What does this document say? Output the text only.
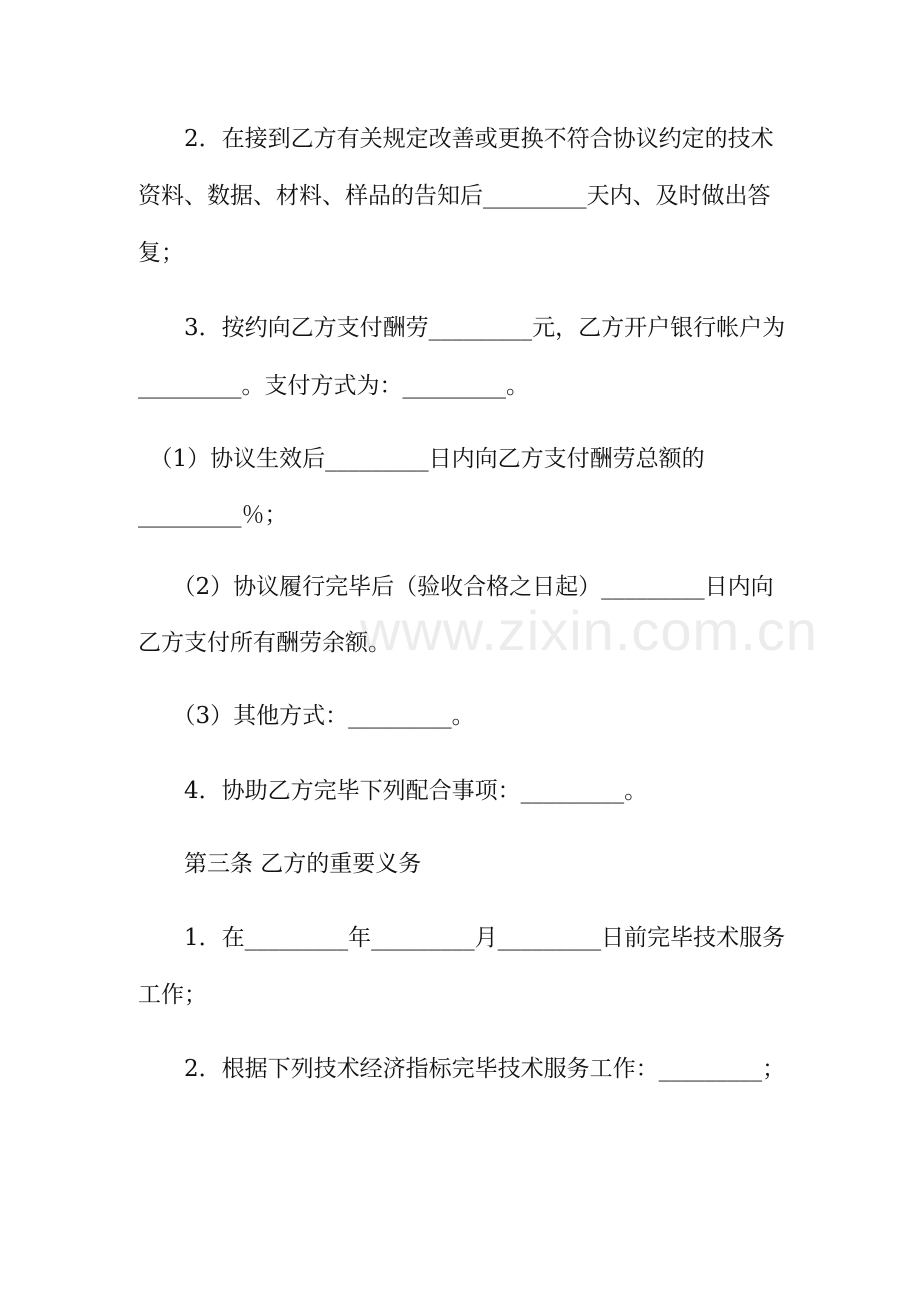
　　2．在接到乙方有关规定改善或更换不符合协议约定的技术
资料、数据、材料、样品的告知后_________天内、及时做出答
复；
　　3．按约向乙方支付酬劳_________元，乙方开户银行帐户为
_________。支付方式为：_________。
　（1）协议生效后_________日内向乙方支付酬劳总额的
_________％；
　　（2）协议履行完毕后（验收合格之日起）_________日内向
乙方支付所有酬劳余额。
　　（3）其他方式：_________。
　　4．协助乙方完毕下列配合事项：_________。
　　第三条 乙方的重要义务
　　1．在_________年_________月_________日前完毕技术服务
工作；
　　2．根据下列技术经济指标完毕技术服务工作：_________；
www.zixin.com.cn
